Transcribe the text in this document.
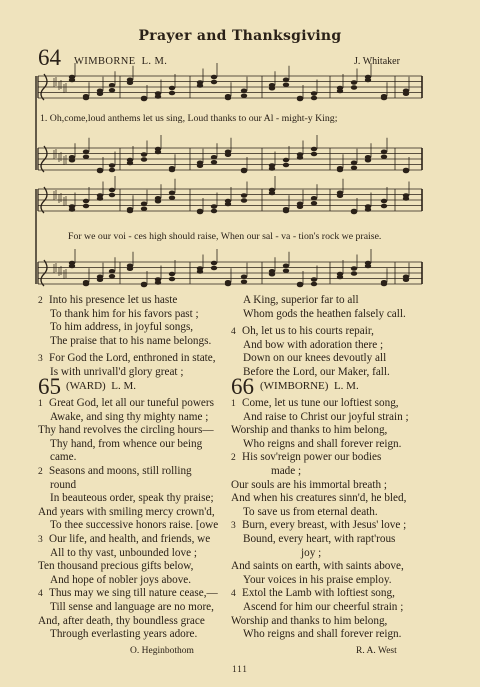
Prayer and Thanksgiving
64 WIMBORNE L. M.	J. Whitaker
1. Oh,come,loud anthems let us sing, Loud thanks to our Al - might-y King;
For we our voi - ces high should raise, When our sal - va - tion's rock we praise.
2 Into his presence let us haste
To thank him for his favors past ;
To him address, in joyful songs,
The praise that to his name belongs.
3 For God the Lord, enthroned in state,
Is with unrivall'd glory great ;
A King, superior far to all
Whom gods the heathen falsely call.
4 Oh, let us to his courts repair,
And bow with adoration there ;
Down on our knees devoutly all
Before the Lord, our Maker, fall.
65 (WARD) L. M.	66 (WIMBORNE) L. M.
1 Great God, let all our tuneful powers
Awake, and sing thy mighty name ;
Thy hand revolves the circling hours—
Thy hand, from whence our being
came.
2 Seasons and moons, still rolling
round
In beauteous order, speak thy praise;
And years with smiling mercy crown'd,
To thee successive honors raise. [owe
3 Our life, and health, and friends, we
All to thy vast, unbounded love ;
Ten thousand precious gifts below,
And hope of nobler joys above.
4 Thus may we sing till nature cease,—
Till sense and language are no more,
And, after death, thy boundless grace
Through everlasting years adore.
O. Heginbothom
1 Come, let us tune our loftiest song,
And raise to Christ our joyful strain ;
Worship and thanks to him belong,
Who reigns and shall forever reign.
2 His sov'reign power our bodies
made ;
Our souls are his immortal breath ;
And when his creatures sinn'd, he bled,
To save us from eternal death.
3 Burn, every breast, with Jesus' love ;
Bound, every heart, with rapt'rous
joy ;
And saints on earth, with saints above,
Your voices in his praise employ.
4 Extol the Lamb with loftiest song,
Ascend for him our cheerful strain ;
Worship and thanks to him belong,
Who reigns and shall forever reign.
R. A. West
111
